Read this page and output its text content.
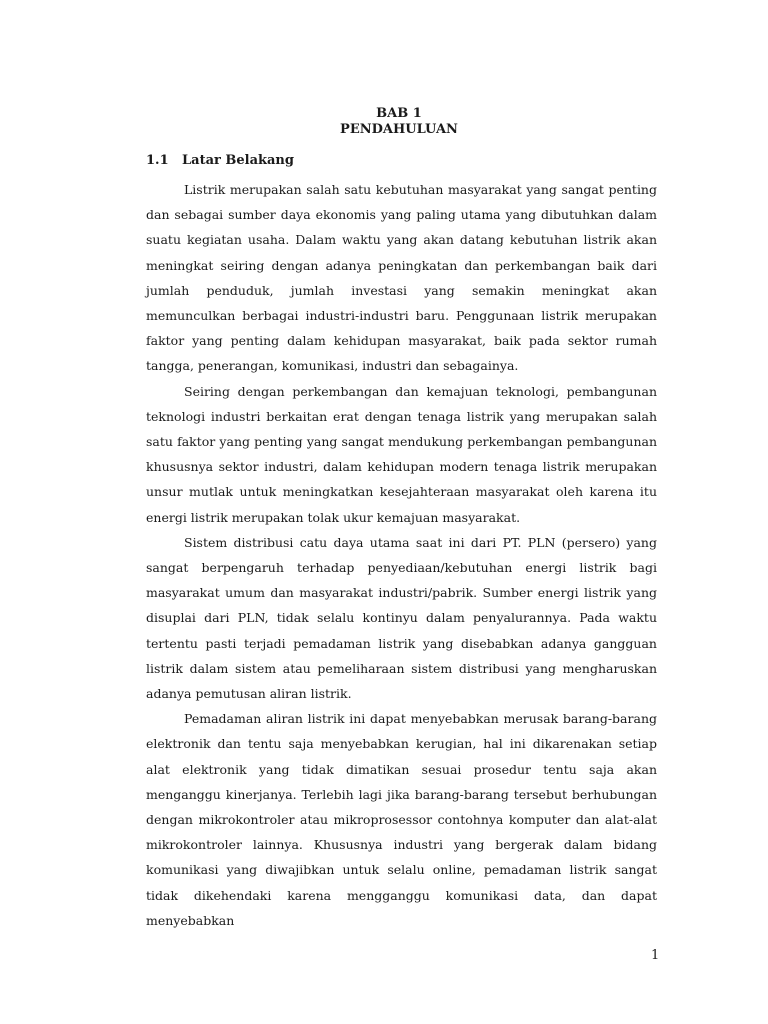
BAB 1
PENDAHULUAN
1.1 Latar Belakang

Listrik merupakan salah satu kebutuhan masyarakat yang sangat penting dan sebagai sumber daya ekonomis yang paling utama yang dibutuhkan dalam suatu kegiatan usaha. Dalam waktu yang akan datang kebutuhan listrik akan meningkat seiring dengan adanya peningkatan dan perkembangan baik dari jumlah penduduk, jumlah investasi yang semakin meningkat akan memunculkan berbagai industri-industri baru. Penggunaan listrik merupakan faktor yang penting dalam kehidupan masyarakat, baik pada sektor rumah tangga, penerangan, komunikasi, industri dan sebagainya.

Seiring dengan perkembangan dan kemajuan teknologi, pembangunan teknologi industri berkaitan erat dengan tenaga listrik yang merupakan salah satu faktor yang penting yang sangat mendukung perkembangan pembangunan khususnya sektor industri, dalam kehidupan modern tenaga listrik merupakan unsur mutlak untuk meningkatkan kesejahteraan masyarakat oleh karena itu energi listrik merupakan tolak ukur kemajuan masyarakat.

Sistem distribusi catu daya utama saat ini dari PT. PLN (persero) yang sangat berpengaruh terhadap penyediaan/kebutuhan energi listrik bagi masyarakat umum dan masyarakat industri/pabrik. Sumber energi listrik yang disuplai dari PLN, tidak selalu kontinyu dalam penyalurannya. Pada waktu tertentu pasti terjadi pemadaman listrik yang disebabkan adanya gangguan listrik dalam sistem atau pemeliharaan sistem distribusi yang mengharuskan adanya pemutusan aliran listrik.

Pemadaman aliran listrik ini dapat menyebabkan merusak barang-barang elektronik dan tentu saja menyebabkan kerugian, hal ini dikarenakan setiap alat elektronik yang tidak dimatikan sesuai prosedur tentu saja akan menganggu kinerjanya. Terlebih lagi jika barang-barang tersebut berhubungan dengan mikrokontroler atau mikroprosessor contohnya komputer dan alat-alat mikrokontroler lainnya. Khususnya industri yang bergerak dalam bidang komunikasi yang diwajibkan untuk selalu online, pemadaman listrik sangat tidak dikehendaki karena mengganggu komunikasi data, dan dapat menyebabkan

1
